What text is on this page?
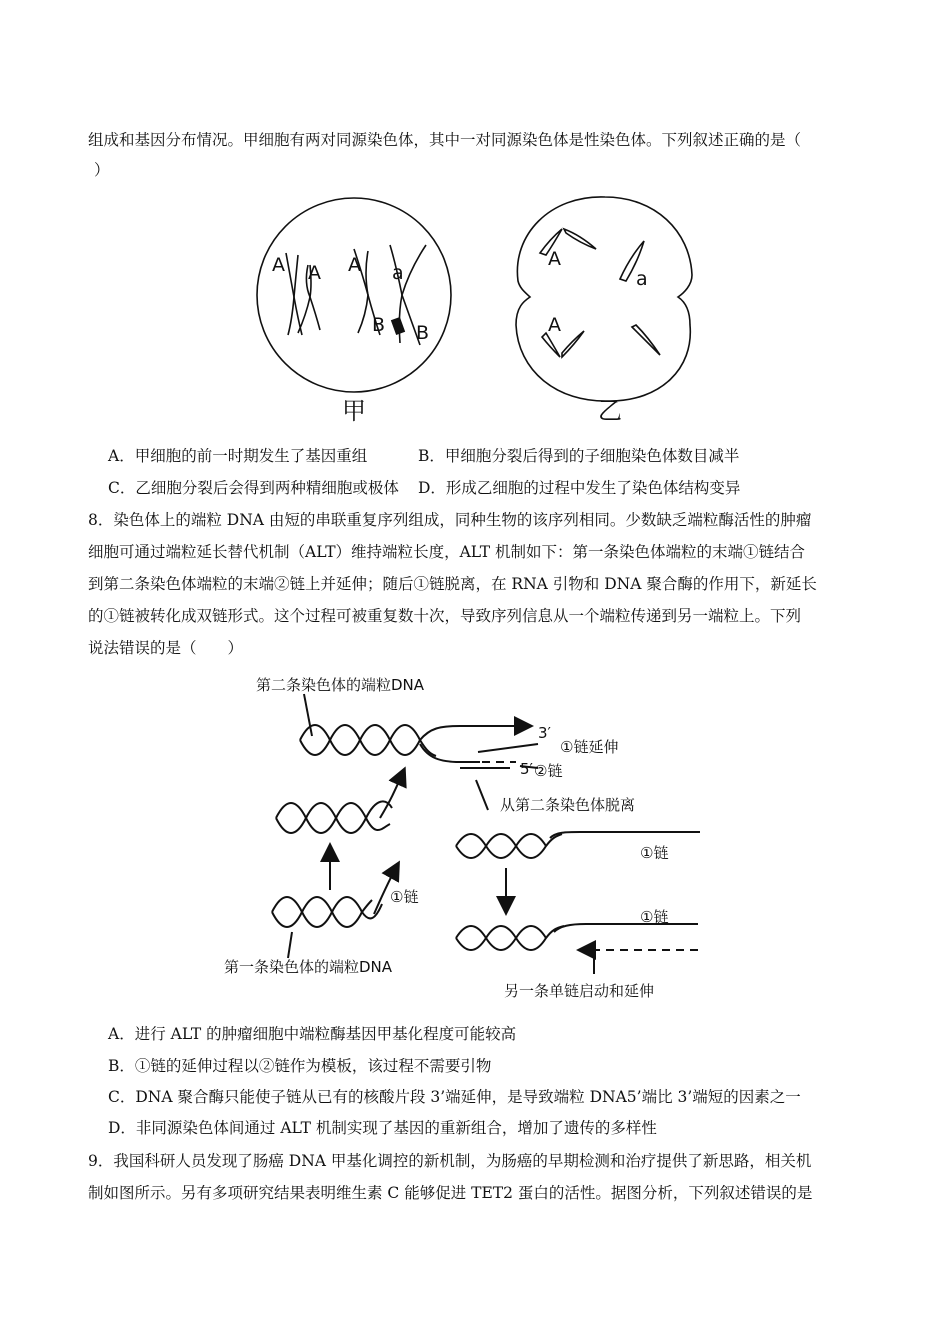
组成和基因分布情况。甲细胞有两对同源染色体，其中一对同源染色体是性染色体。下列叙述正确的是（
）
A A A a
B B
A
a
A
甲	乙
A．甲细胞的前一时期发生了基因重组	B．甲细胞分裂后得到的子细胞染色体数目减半
C．乙细胞分裂后会得到两种精细胞或极体 D．形成乙细胞的过程中发生了染色体结构变异
8．染色体上的端粒 DNA 由短的串联重复序列组成，同种生物的该序列相同。少数缺乏端粒酶活性的肿瘤
细胞可通过端粒延长替代机制（ALT）维持端粒长度，ALT 机制如下：第一条染色体端粒的末端①链结合
到第二条染色体端粒的末端②链上并延伸；随后①链脱离，在 RNA 引物和 DNA 聚合酶的作用下，新延长
的①链被转化成双链形式。这个过程可被重复数十次，导致序列信息从一个端粒传递到另一端粒上。下列
说法错误的是（　　）
第二条染色体的端粒DNA
3′
①链延伸
5′ ②链
从第二条染色体脱离
①链
①链
①链
第一条染色体的端粒DNA
另一条单链启动和延伸
A．进行 ALT 的肿瘤细胞中端粒酶基因甲基化程度可能较高
B．①链的延伸过程以②链作为模板，该过程不需要引物
C．DNA 聚合酶只能使子链从已有的核酸片段 3’端延伸，是导致端粒 DNA5’端比 3’端短的因素之一
D．非同源染色体间通过 ALT 机制实现了基因的重新组合，增加了遗传的多样性
9．我国科研人员发现了肠癌 DNA 甲基化调控的新机制，为肠癌的早期检测和治疗提供了新思路，相关机
制如图所示。另有多项研究结果表明维生素 C 能够促进 TET2 蛋白的活性。据图分析，下列叙述错误的是
